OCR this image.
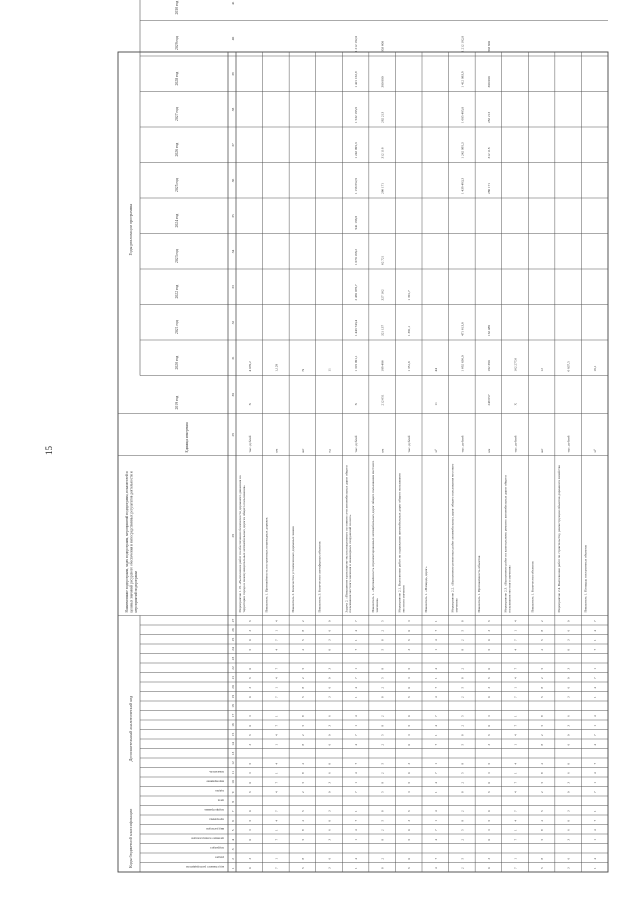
15
Коды бюджетной классификации
Дополнительный аналитический код
Годы реализации программы
Наименование подпрограмм, задач подпрограмм, мероприятий подпрограмм, показателей ицелевых значений ресурсного обеспечения и непосредственных результатов деятельности имероприятий подпрограмм
Единица измерения
2019 год
2020 год
2021 год
2022 год
2023 год
2024 год
2025 год
2026 год
2027 год
2028 год
2029 год
2030 год
код главного распорядителя
раздел
подраздел
целевая статья расходов
вид расходов
программа
подпрограмма
цель
задача
мероприятие
показатель
1
2
3
4
5
6
7
8
9
10
11
12
13
14
15
16
17
18
19
20
21
22
23
24
25
26
27
28
29
30
31
32
33
34
35
36
37
38
39
40
41
0
3
0
3
6
0
6
0
3
6
3
6
0
3
0
3
6
0
6
0
3
6
Мероприятие 1.18. «Выполнение работ по обеспечению безопасности дорожного движения натерритории города и межмуниципальных автомобильных дорогах общего пользования»
тыс. рублей
Х
4 070,2
7
1
7
1
4
7
4
7
1
4
1
4
7
1
7
1
4
7
4
7
1
4
Показатель 1. Протяжённость построенных пешеходных дорожек
км
1,128
5
8
5
8
2
5
2
5
8
2
8
2
5
8
5
8
2
5
2
5
8
2
Показатель 2. Количество установленных дорожных знаков
шт
N
3
6
3
6
0
3
0
3
6
0
6
0
3
6
3
6
0
3
0
3
6
0
Показатель 3. Количество светофорных объектов
ед
11
1
4
1
4
7
1
7
1
4
7
4
7
1
4
1
4
7
1
7
1
4
7
Задача 2. «Повышение транспортно-эксплуатационного состояния сети автомобильных дорог общегопользования местного значения и инженерных сооружений на них»
тыс. рублей
Х
1 319 091,1
1 443 743,4
2 465 078,7
1 070 168,2
941 186,8
1 156 652,9
1 242 095,3
1 532 185,9
1 421 162,9
1 212 182,0
8
2
8
2
5
8
5
8
2
5
2
5
8
2
8
2
5
8
5
8
2
5
Показатель 1. «Протяжённость отремонтированных автомобильных дорог общего пользования местногозначения»
км
212 651
189 486
321 137
327 162
62 721
286 171
312 118
282 213
300 000
303 600
6
0
6
0
3
6
3
6
0
3
0
3
6
0
6
0
3
6
3
6
0
3
Мероприятие 2.1. Выполнение работ по содержанию автомобильных дорог общего пользованияместного значения
тыс. рублей
1 351,6
1 381,1
1 391,7
4
7
4
7
1
4
1
4
7
1
7
1
4
7
4
7
1
4
1
4
7
1
Показатель 1. «Площадь дорог»
м²
11
44
2
5
2
5
8
2
8
2
5
8
5
8
2
5
2
5
8
2
8
2
5
8
Мероприятие 2.2. «Выполнение ремонтных работ автомобильных дорог общего пользования местногозначения»
тыс. рублей
1 692 636,0
471 613,8
1 439 493,3
1 242 095,3
1 605 485,0
1 412 083,9
1 212 182,0
0
3
0
3
6
0
6
0
3
6
3
6
0
3
0
3
6
0
6
0
3
6
Показатель 1. Протяжённость объектов
км
249 657
182 380
162 489
286 171
312 118
282 213
300 000
303 600
7
1
7
1
4
7
4
7
1
4
1
4
7
1
7
1
4
7
4
7
1
4
Мероприятие 2.3. «Выполнение работ по капитальному ремонту автомобильных дорог общегопользования местного значения»
тыс. рублей
Х
162 277,6
5
8
5
8
2
5
2
5
8
2
8
2
5
8
5
8
2
5
2
5
8
2
Показатель 1. Количество объектов
шт
12
3
6
3
6
0
3
0
3
6
0
6
0
3
6
3
6
0
3
0
3
6
0
Мероприятие 2.4. Выполнение работ по строительству, реконструкции объектов дорожного хозяйства
тыс. рублей
6 837,5
1
4
1
4
7
1
7
1
4
7
4
7
1
4
1
4
7
1
7
1
4
7
Показатель 1. Площадь построенных объектов
м²
16,1
